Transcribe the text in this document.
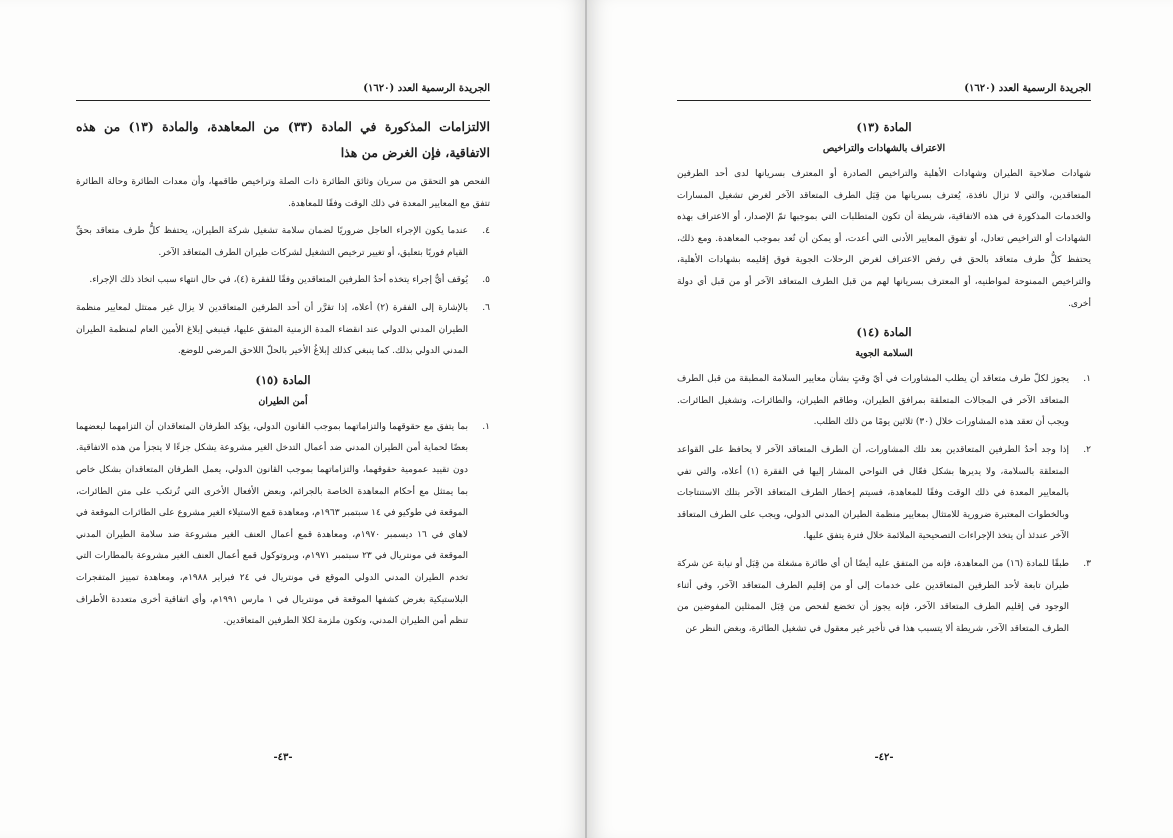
الجريدة الرسمية العدد (١٦٢٠)

الالتزامات المذكورة في المادة (٣٣) من المعاهدة، والمادة (١٣) من هذه الاتفاقية، فإن الغرض من هذا

الفحص هو التحقق من سريان وثائق الطائرة ذات الصلة وتراخيص طاقمها، وأن معدات الطائرة وحالة الطائرة تتفق مع المعايير المعدة في ذلك الوقت وفقًا للمعاهدة.

٤.
عندما يكون الإجراء العاجل ضروريًا لضمان سلامة تشغيل شركة الطيران، يحتفظ كلُّ طرف متعاقد بحقِّ القيام فوريًا بتعليق، أو تغيير ترخيص التشغيل لشركات طيران الطرف المتعاقد الآخر.
٥.
يُوقف أيُّ إجراء يتخذه أحدُ الطرفين المتعاقدين وفقًا للفقرة (٤)، في حال انتهاء سبب اتخاذ ذلك الإجراء.
٦.
بالإشارة إلى الفقرة (٢) أعلاه، إذا تقرَّر أن أحد الطرفين المتعاقدين لا يزال غير ممتثل لمعايير منظمة الطيران المدني الدولي عند انقضاء المدة الزمنية المتفق عليها، فينبغي إبلاغ الأمين العام لمنظمة الطيران المدني الدولي بذلك. كما ينبغي كذلك إبلاغُ الأخير بالحلّ اللاحق المرضي للوضع.
المادة (١٥)
أمن الطيران
١.
بما يتفق مع حقوقهما والتزاماتهما بموجب القانون الدولي، يؤكد الطرفان المتعاقدان أن التزامهما لبعضهما بعضًا لحماية أمن الطيران المدني ضد أعمال التدخل الغير مشروعة يشكل جزءًا لا يتجزأ من هذه الاتفاقية. دون تقييد عمومية حقوقهما، والتزاماتهما بموجب القانون الدولي، يعمل الطرفان المتعاقدان بشكل خاص بما يمتثل مع أحكام المعاهدة الخاصة بالجرائم، وبعض الأفعال الأخرى التي تُرتكب على متن الطائرات، الموقعة في طوكيو في ١٤ سبتمبر ١٩٦٣م، ومعاهدة قمع الاستيلاء الغير مشروع على الطائرات الموقعة في لاهاي في ١٦ ديسمبر ١٩٧٠م، ومعاهدة قمع أعمال العنف الغير مشروعة ضد سلامة الطيران المدني الموقعة في مونتريال في ٢٣ سبتمبر ١٩٧١م، وبروتوكول قمع أعمال العنف الغير مشروعة بالمطارات التي تخدم الطيران المدني الدولي الموقع في مونتريال في ٢٤ فبراير ١٩٨٨م، ومعاهدة تمييز المتفجرات البلاستيكية بغرض كشفها الموقعة في مونتريال في ١ مارس ١٩٩١م، وأي اتفاقية أخرى متعددة الأطراف تنظم أمن الطيران المدني، وتكون ملزمة لكلا الطرفين المتعاقدين.
-٤٣-
الجريدة الرسمية العدد (١٦٢٠)
المادة (١٣)
الاعتراف بالشهادات والتراخيص

شهادات صلاحية الطيران وشهادات الأهلية والتراخيص الصادرة أو المعترف بسريانها لدى أحد الطرفين المتعاقدين، والتي لا تزال نافذة، يُعترف بسريانها من قِبَل الطرف المتعاقد الآخر لغرض تشغيل المسارات والخدمات المذكورة في هذه الاتفاقية، شريطة أن تكون المتطلبات التي بموجبها تمّ الإصدار، أو الاعتراف بهذه الشهادات أو التراخيص تعادل، أو تفوق المعايير الأدنى التي أعدت، أو يمكن أن تُعد بموجب المعاهدة. ومع ذلك، يحتفظ كلُّ طرف متعاقد بالحق في رفض الاعتراف لغرض الرحلات الجوية فوق إقليمه بشهادات الأهلية، والتراخيص الممنوحة لمواطنيه، أو المعترف بسريانها لهم من قبل الطرف المتعاقد الآخر أو من قبل أي دولة أخرى.

المادة (١٤)
السلامة الجوية
١.
يجوز لكلّ طرف متعاقد أن يطلب المشاورات في أيّ وقتٍ بشأن معايير السلامة المطبقة من قبل الطرف المتعاقد الآخر في المجالات المتعلقة بمرافق الطيران، وطاقم الطيران، والطائرات، وتشغيل الطائرات. ويجب أن تعقد هذه المشاورات خلال (٣٠) ثلاثين يومًا من ذلك الطلب.
٢.
إذا وجد أحدُ الطرفين المتعاقدين بعد تلك المشاورات، أن الطرف المتعاقد الآخر لا يحافظ على القواعد المتعلقة بالسلامة، ولا يديرها بشكل فعّال في النواحي المشار إليها في الفقرة (١) أعلاه، والتي تفي بالمعايير المعدة في ذلك الوقت وفقًا للمعاهدة، فسيتم إخطار الطرف المتعاقد الآخر بتلك الاستنتاجات وبالخطوات المعتبرة ضرورية للامتثال بمعايير منظمة الطيران المدني الدولي، ويجب على الطرف المتعاقد الآخر عندئذ أن يتخذ الإجراءات التصحيحية الملائمة خلال فترة يتفق عليها.
٣.
طبقًا للمادة (١٦) من المعاهدة، فإنه من المتفق عليه أيضًا أن أي طائرة مشغلة من قِبَل أو نيابة عن شركة طيران تابعة لأحد الطرفين المتعاقدين على خدمات إلى أو من إقليم الطرف المتعاقد الآخر، وفي أثناء الوجود في إقليم الطرف المتعاقد الآخر، فإنه يجوز أن تخضع لفحص من قِبَل الممثلين المفوضين من الطرف المتعاقد الآخر، شريطة ألا يتسبب هذا في تأخير غير معقول في تشغيل الطائرة، وبغض النظر عن
-٤٢-
